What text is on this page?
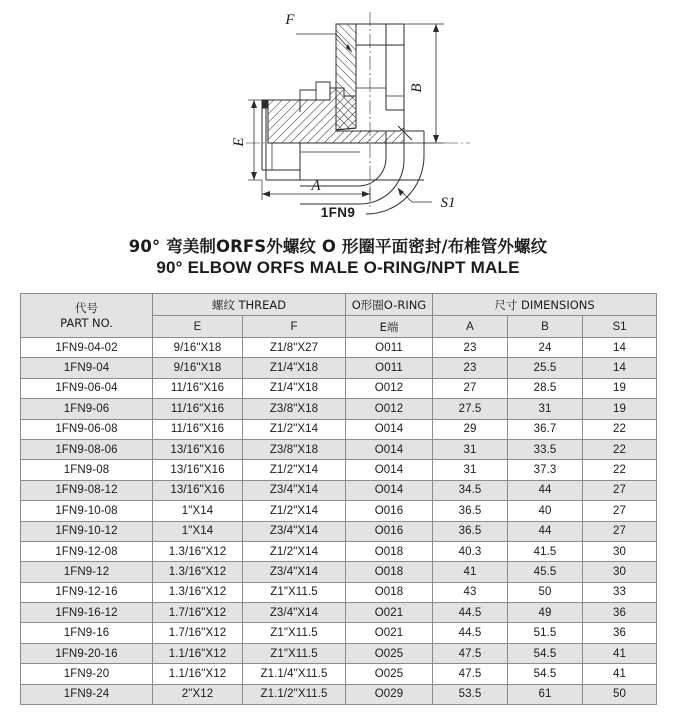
F
B
E
A
S1
1FN9
90° 弯美制ORFS外螺纹 O 形圈平面密封/布椎管外螺纹
90° ELBOW ORFS MALE O-RING/NPT MALE
代号
PART NO.	螺纹 THREAD		O形圈O-RING	尺寸 DIMENSIONS		
	E	F	E端	A	B	S1
1FN9-04-02	9/16"X18	Z1/8"X27	O011	23	24	14
1FN9-04	9/16"X18	Z1/4"X18	O011	23	25.5	14
1FN9-06-04	11/16"X16	Z1/4"X18	O012	27	28.5	19
1FN9-06	11/16"X16	Z3/8"X18	O012	27.5	31	19
1FN9-06-08	11/16"X16	Z1/2"X14	O014	29	36.7	22
1FN9-08-06	13/16"X16	Z3/8"X18	O014	31	33.5	22
1FN9-08	13/16"X16	Z1/2"X14	O014	31	37.3	22
1FN9-08-12	13/16"X16	Z3/4"X14	O014	34.5	44	27
1FN9-10-08	1"X14	Z1/2"X14	O016	36.5	40	27
1FN9-10-12	1"X14	Z3/4"X14	O016	36.5	44	27
1FN9-12-08	1.3/16"X12	Z1/2"X14	O018	40.3	41.5	30
1FN9-12	1.3/16"X12	Z3/4"X14	O018	41	45.5	30
1FN9-12-16	1.3/16"X12	Z1"X11.5	O018	43	50	33
1FN9-16-12	1.7/16"X12	Z3/4"X14	O021	44.5	49	36
1FN9-16	1.7/16"X12	Z1"X11.5	O021	44.5	51.5	36
1FN9-20-16	1.1/16"X12	Z1"X11.5	O025	47.5	54.5	41
1FN9-20	1.1/16"X12	Z1.1/4"X11.5	O025	47.5	54.5	41
1FN9-24	2"X12	Z1.1/2"X11.5	O029	53.5	61	50
